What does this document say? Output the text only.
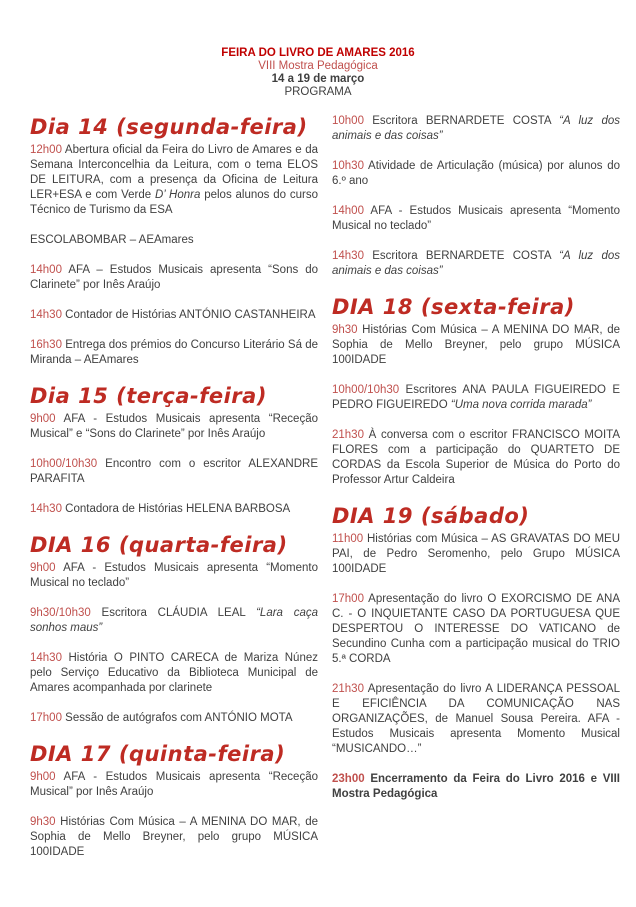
FEIRA DO LIVRO DE AMARES 2016
VIII Mostra Pedagógica
14 a 19 de março
PROGRAMA
Dia 14 (segunda-feira)

12h00 Abertura oficial da Feira do Livro de Amares e da Semana Interconcelhia da Leitura, com o tema ELOS DE LEITURA, com a presença da Oficina de Leitura LER+ESA e com Verde D’ Honra pelos alunos do curso Técnico de Turismo da ESA

ESCOLABOMBAR – AEAmares

14h00 AFA – Estudos Musicais apresenta “Sons do Clarinete” por Inês Araújo

14h30 Contador de Histórias ANTÓNIO CASTANHEIRA

16h30 Entrega dos prémios do Concurso Literário Sá de Miranda – AEAmares

Dia 15 (terça-feira)

9h00 AFA - Estudos Musicais apresenta “Receção Musical” e “Sons do Clarinete” por Inês Araújo

10h00/10h30 Encontro com o escritor ALEXANDRE PARAFITA

14h30 Contadora de Histórias HELENA BARBOSA

DIA 16 (quarta-feira)

9h00 AFA - Estudos Musicais apresenta “Momento Musical no teclado”

9h30/10h30 Escritora CLÁUDIA LEAL “Lara caça sonhos maus”

14h30 História O PINTO CARECA de Mariza Núnez pelo Serviço Educativo da Biblioteca Municipal de Amares acompanhada por clarinete

17h00 Sessão de autógrafos com ANTÓNIO MOTA

DIA 17 (quinta-feira)

9h00 AFA - Estudos Musicais apresenta “Receção Musical” por Inês Araújo

9h30 Histórias Com Música – A MENINA DO MAR, de Sophia de Mello Breyner, pelo grupo MÚSICA 100IDADE

10h00 Escritora BERNARDETE COSTA “A luz dos animais e das coisas”

10h30 Atividade de Articulação (música) por alunos do 6.º ano

14h00 AFA - Estudos Musicais apresenta “Momento Musical no teclado”

14h30 Escritora BERNARDETE COSTA “A luz dos animais e das coisas”

DIA 18 (sexta-feira)

9h30 Histórias Com Música – A MENINA DO MAR, de Sophia de Mello Breyner, pelo grupo MÚSICA 100IDADE

10h00/10h30 Escritores ANA PAULA FIGUEIREDO E PEDRO FIGUEIREDO “Uma nova corrida marada”

21h30 À conversa com o escritor FRANCISCO MOITA FLORES com a participação do QUARTETO DE CORDAS da Escola Superior de Música do Porto do Professor Artur Caldeira

DIA 19 (sábado)

11h00 Histórias com Música – AS GRAVATAS DO MEU PAI, de Pedro Seromenho, pelo Grupo MÚSICA 100IDADE

17h00 Apresentação do livro O EXORCISMO DE ANA C. - O INQUIETANTE CASO DA PORTUGUESA QUE DESPERTOU O INTERESSE DO VATICANO de Secundino Cunha com a participação musical do TRIO 5.ª CORDA

21h30 Apresentação do livro A LIDERANÇA PESSOAL E EFICIÊNCIA DA COMUNICAÇÃO NAS ORGANIZAÇÕES, de Manuel Sousa Pereira. AFA - Estudos Musicais apresenta Momento Musical “MUSICANDO…”

23h00 Encerramento da Feira do Livro 2016 e VIII Mostra Pedagógica
